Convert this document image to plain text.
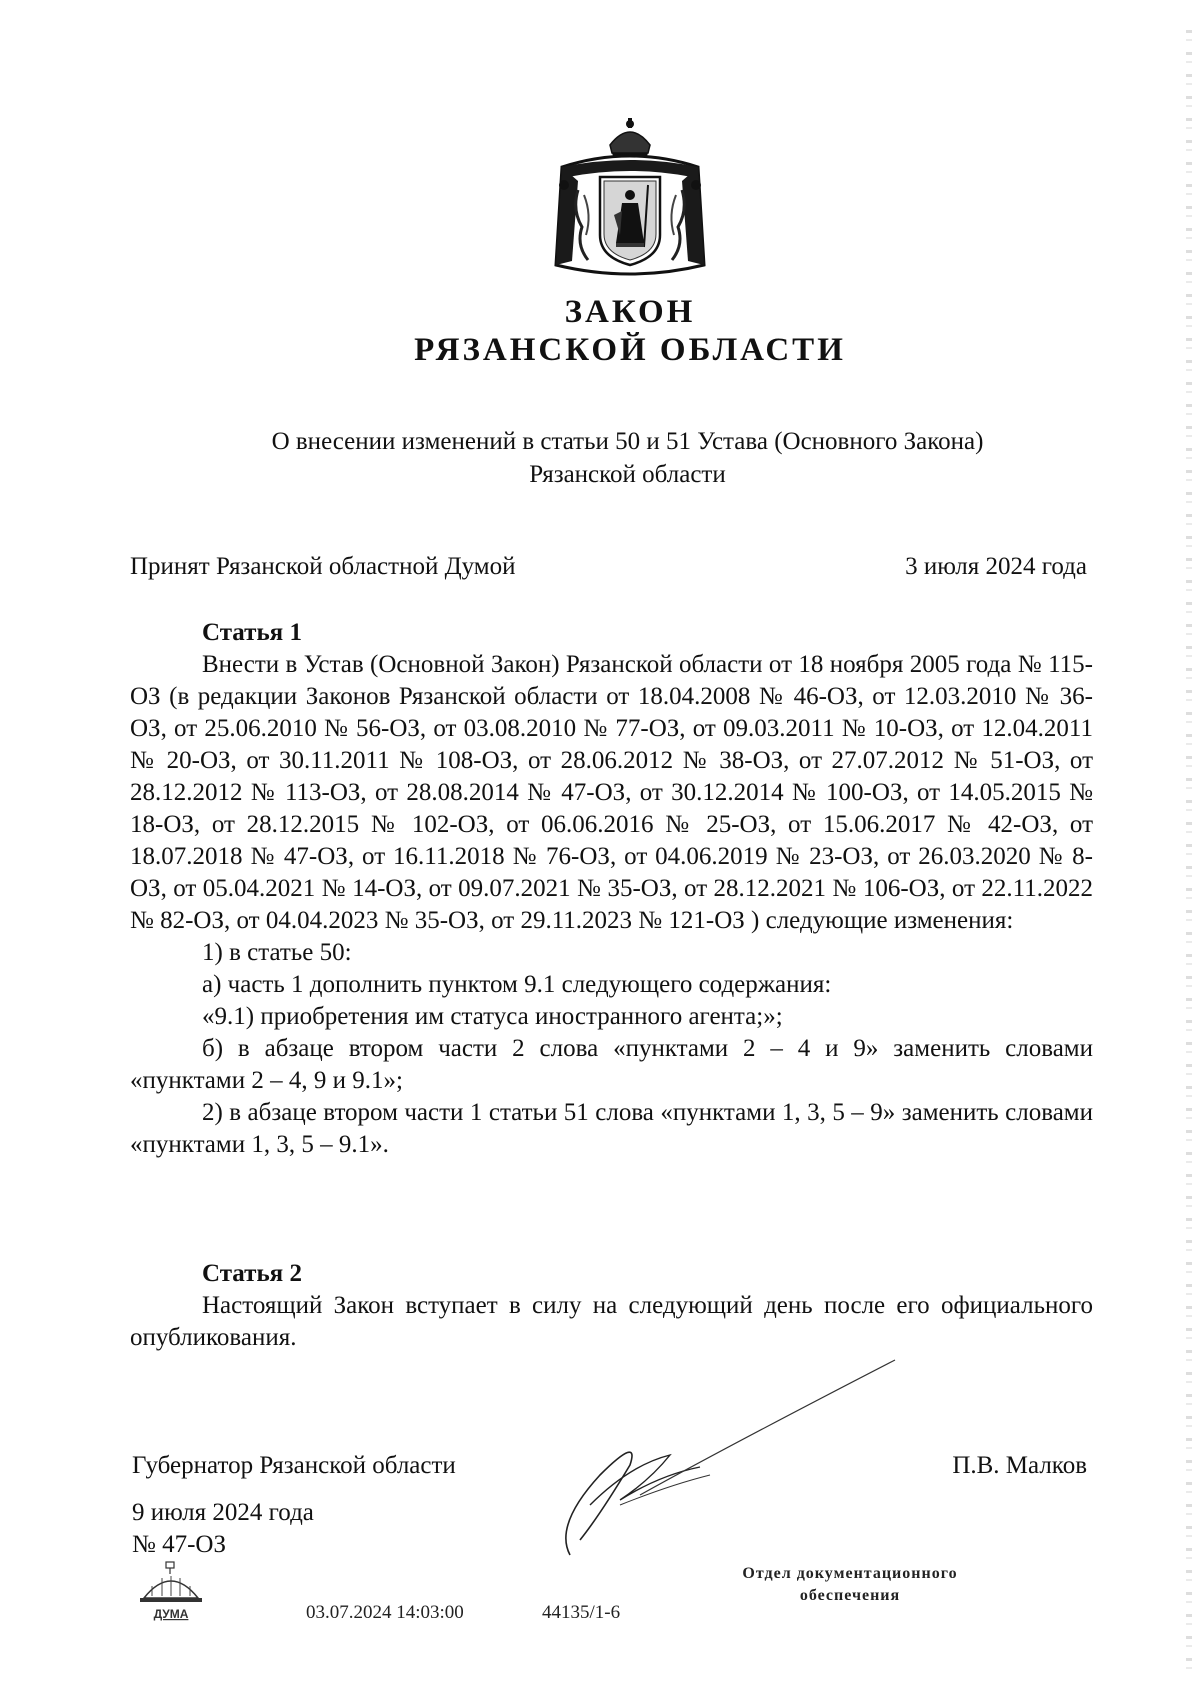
ЗАКОН
РЯЗАНСКОЙ ОБЛАСТИ
О внесении изменений в статьи 50 и 51 Устава (Основного Закона)
Рязанской области
Принят Рязанской областной Думой	3 июля 2024 года

Статья 1

Внести в Устав (Основной Закон) Рязанской области от 18 ноября 2005 года № 115-ОЗ (в редакции Законов Рязанской области от 18.04.2008 № 46-ОЗ, от 12.03.2010 № 36-ОЗ, от 25.06.2010 № 56-ОЗ, от 03.08.2010 № 77-ОЗ, от 09.03.2011 № 10-ОЗ, от 12.04.2011 № 20-ОЗ, от 30.11.2011 № 108-ОЗ, от 28.06.2012 № 38-ОЗ, от 27.07.2012 № 51-ОЗ, от 28.12.2012 № 113-ОЗ, от 28.08.2014 № 47-ОЗ, от 30.12.2014 № 100-ОЗ, от 14.05.2015 № 18-ОЗ, от 28.12.2015 № 102-ОЗ, от 06.06.2016 № 25-ОЗ, от 15.06.2017 № 42-ОЗ, от 18.07.2018 № 47-ОЗ, от 16.11.2018 № 76-ОЗ, от 04.06.2019 № 23-ОЗ, от 26.03.2020 № 8-ОЗ, от 05.04.2021 № 14-ОЗ, от 09.07.2021 № 35-ОЗ, от 28.12.2021 № 106-ОЗ, от 22.11.2022 № 82-ОЗ, от 04.04.2023 № 35-ОЗ, от 29.11.2023 № 121-ОЗ ) следующие изменения:

1) в статье 50:

а) часть 1 дополнить пунктом 9.1 следующего содержания:

«9.1) приобретения им статуса иностранного агента;»;

б) в абзаце втором части 2 слова «пунктами 2 – 4 и 9» заменить словами «пунктами 2 – 4, 9 и 9.1»;

2) в абзаце втором части 1 статьи 51 слова «пунктами 1, 3, 5 – 9» заменить словами «пунктами 1, 3, 5 – 9.1».

Статья 2

Настоящий Закон вступает в силу на следующий день после его официального опубликования.

Губернатор Рязанской области	П.В. Малков
9 июля 2024 года
№ 47-ОЗ
ДУМА	03.07.2024 14:03:00	44135/1-6
Отдел документационного
обеспечения
